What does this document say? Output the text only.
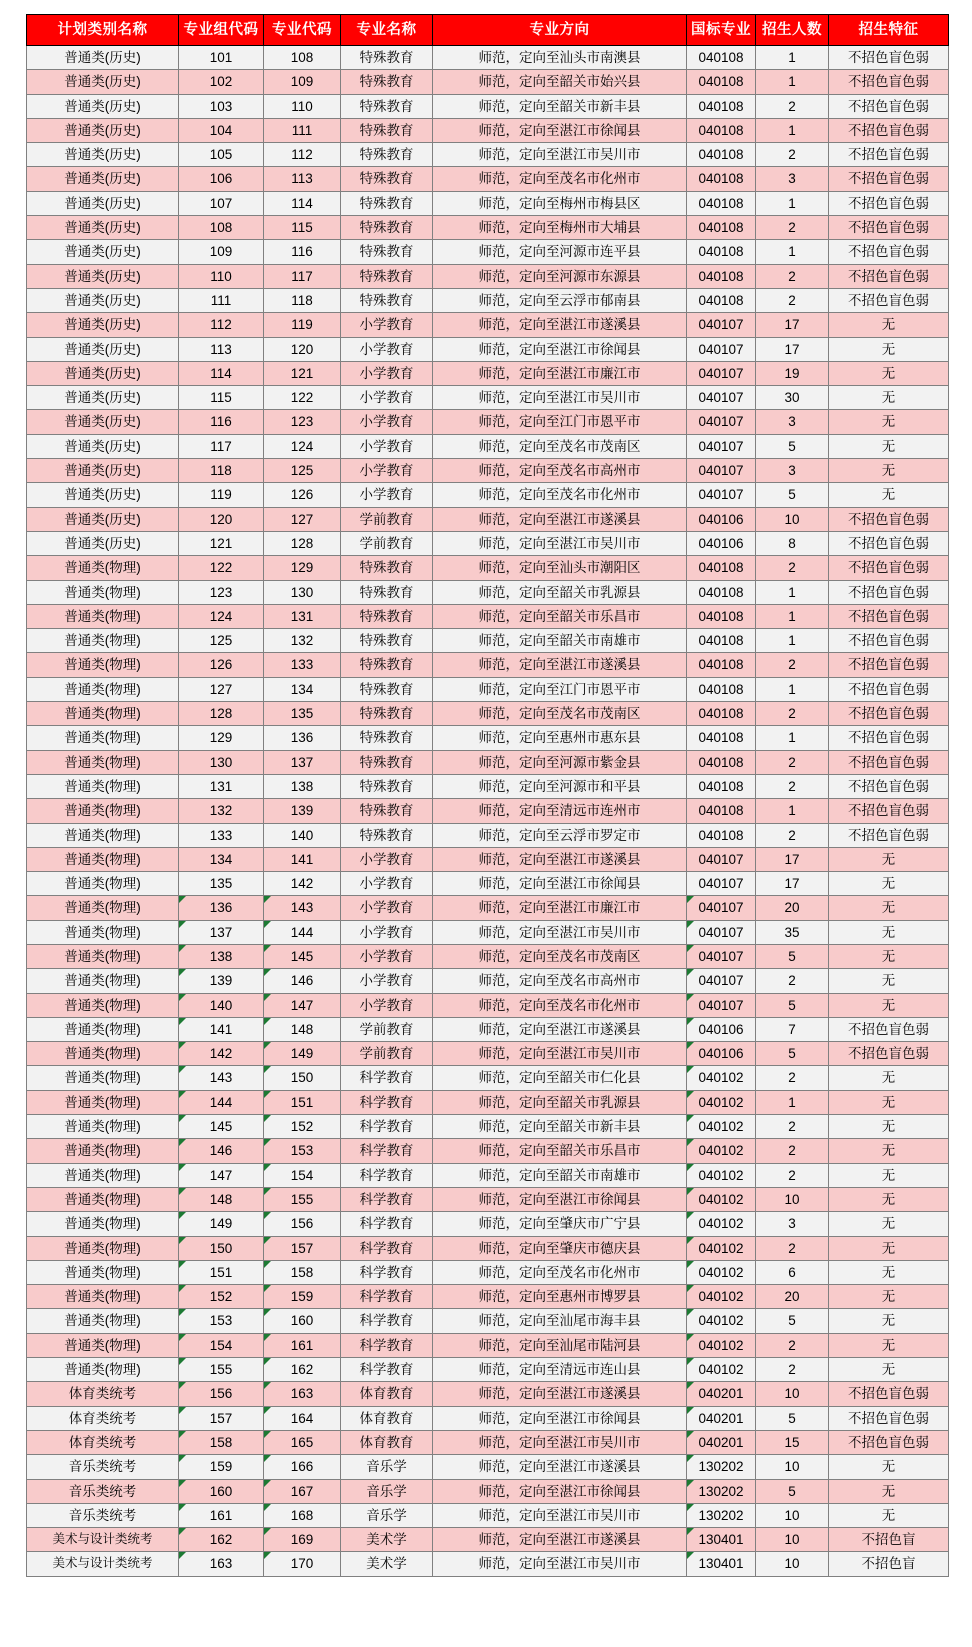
计划类别名称	专业组代码	专业代码	专业名称	专业方向	国标专业	招生人数	招生特征
普通类(历史)	101	108	特殊教育	师范，定向至汕头市南澳县	040108	1	不招色盲色弱
普通类(历史)	102	109	特殊教育	师范，定向至韶关市始兴县	040108	1	不招色盲色弱
普通类(历史)	103	110	特殊教育	师范，定向至韶关市新丰县	040108	2	不招色盲色弱
普通类(历史)	104	111	特殊教育	师范，定向至湛江市徐闻县	040108	1	不招色盲色弱
普通类(历史)	105	112	特殊教育	师范，定向至湛江市吴川市	040108	2	不招色盲色弱
普通类(历史)	106	113	特殊教育	师范，定向至茂名市化州市	040108	3	不招色盲色弱
普通类(历史)	107	114	特殊教育	师范，定向至梅州市梅县区	040108	1	不招色盲色弱
普通类(历史)	108	115	特殊教育	师范，定向至梅州市大埔县	040108	2	不招色盲色弱
普通类(历史)	109	116	特殊教育	师范，定向至河源市连平县	040108	1	不招色盲色弱
普通类(历史)	110	117	特殊教育	师范，定向至河源市东源县	040108	2	不招色盲色弱
普通类(历史)	111	118	特殊教育	师范，定向至云浮市郁南县	040108	2	不招色盲色弱
普通类(历史)	112	119	小学教育	师范，定向至湛江市遂溪县	040107	17	无
普通类(历史)	113	120	小学教育	师范，定向至湛江市徐闻县	040107	17	无
普通类(历史)	114	121	小学教育	师范，定向至湛江市廉江市	040107	19	无
普通类(历史)	115	122	小学教育	师范，定向至湛江市吴川市	040107	30	无
普通类(历史)	116	123	小学教育	师范，定向至江门市恩平市	040107	3	无
普通类(历史)	117	124	小学教育	师范，定向至茂名市茂南区	040107	5	无
普通类(历史)	118	125	小学教育	师范，定向至茂名市高州市	040107	3	无
普通类(历史)	119	126	小学教育	师范，定向至茂名市化州市	040107	5	无
普通类(历史)	120	127	学前教育	师范，定向至湛江市遂溪县	040106	10	不招色盲色弱
普通类(历史)	121	128	学前教育	师范，定向至湛江市吴川市	040106	8	不招色盲色弱
普通类(物理)	122	129	特殊教育	师范，定向至汕头市潮阳区	040108	2	不招色盲色弱
普通类(物理)	123	130	特殊教育	师范，定向至韶关市乳源县	040108	1	不招色盲色弱
普通类(物理)	124	131	特殊教育	师范，定向至韶关市乐昌市	040108	1	不招色盲色弱
普通类(物理)	125	132	特殊教育	师范，定向至韶关市南雄市	040108	1	不招色盲色弱
普通类(物理)	126	133	特殊教育	师范，定向至湛江市遂溪县	040108	2	不招色盲色弱
普通类(物理)	127	134	特殊教育	师范，定向至江门市恩平市	040108	1	不招色盲色弱
普通类(物理)	128	135	特殊教育	师范，定向至茂名市茂南区	040108	2	不招色盲色弱
普通类(物理)	129	136	特殊教育	师范，定向至惠州市惠东县	040108	1	不招色盲色弱
普通类(物理)	130	137	特殊教育	师范，定向至河源市紫金县	040108	2	不招色盲色弱
普通类(物理)	131	138	特殊教育	师范，定向至河源市和平县	040108	2	不招色盲色弱
普通类(物理)	132	139	特殊教育	师范，定向至清远市连州市	040108	1	不招色盲色弱
普通类(物理)	133	140	特殊教育	师范，定向至云浮市罗定市	040108	2	不招色盲色弱
普通类(物理)	134	141	小学教育	师范，定向至湛江市遂溪县	040107	17	无
普通类(物理)	135	142	小学教育	师范，定向至湛江市徐闻县	040107	17	无
普通类(物理)	136	143	小学教育	师范，定向至湛江市廉江市	040107	20	无
普通类(物理)	137	144	小学教育	师范，定向至湛江市吴川市	040107	35	无
普通类(物理)	138	145	小学教育	师范，定向至茂名市茂南区	040107	5	无
普通类(物理)	139	146	小学教育	师范，定向至茂名市高州市	040107	2	无
普通类(物理)	140	147	小学教育	师范，定向至茂名市化州市	040107	5	无
普通类(物理)	141	148	学前教育	师范，定向至湛江市遂溪县	040106	7	不招色盲色弱
普通类(物理)	142	149	学前教育	师范，定向至湛江市吴川市	040106	5	不招色盲色弱
普通类(物理)	143	150	科学教育	师范，定向至韶关市仁化县	040102	2	无
普通类(物理)	144	151	科学教育	师范，定向至韶关市乳源县	040102	1	无
普通类(物理)	145	152	科学教育	师范，定向至韶关市新丰县	040102	2	无
普通类(物理)	146	153	科学教育	师范，定向至韶关市乐昌市	040102	2	无
普通类(物理)	147	154	科学教育	师范，定向至韶关市南雄市	040102	2	无
普通类(物理)	148	155	科学教育	师范，定向至湛江市徐闻县	040102	10	无
普通类(物理)	149	156	科学教育	师范，定向至肇庆市广宁县	040102	3	无
普通类(物理)	150	157	科学教育	师范，定向至肇庆市德庆县	040102	2	无
普通类(物理)	151	158	科学教育	师范，定向至茂名市化州市	040102	6	无
普通类(物理)	152	159	科学教育	师范，定向至惠州市博罗县	040102	20	无
普通类(物理)	153	160	科学教育	师范，定向至汕尾市海丰县	040102	5	无
普通类(物理)	154	161	科学教育	师范，定向至汕尾市陆河县	040102	2	无
普通类(物理)	155	162	科学教育	师范，定向至清远市连山县	040102	2	无
体育类统考	156	163	体育教育	师范，定向至湛江市遂溪县	040201	10	不招色盲色弱
体育类统考	157	164	体育教育	师范，定向至湛江市徐闻县	040201	5	不招色盲色弱
体育类统考	158	165	体育教育	师范，定向至湛江市吴川市	040201	15	不招色盲色弱
音乐类统考	159	166	音乐学	师范，定向至湛江市遂溪县	130202	10	无
音乐类统考	160	167	音乐学	师范，定向至湛江市徐闻县	130202	5	无
音乐类统考	161	168	音乐学	师范，定向至湛江市吴川市	130202	10	无
美术与设计类统考	162	169	美术学	师范，定向至湛江市遂溪县	130401	10	不招色盲
美术与设计类统考	163	170	美术学	师范，定向至湛江市吴川市	130401	10	不招色盲
